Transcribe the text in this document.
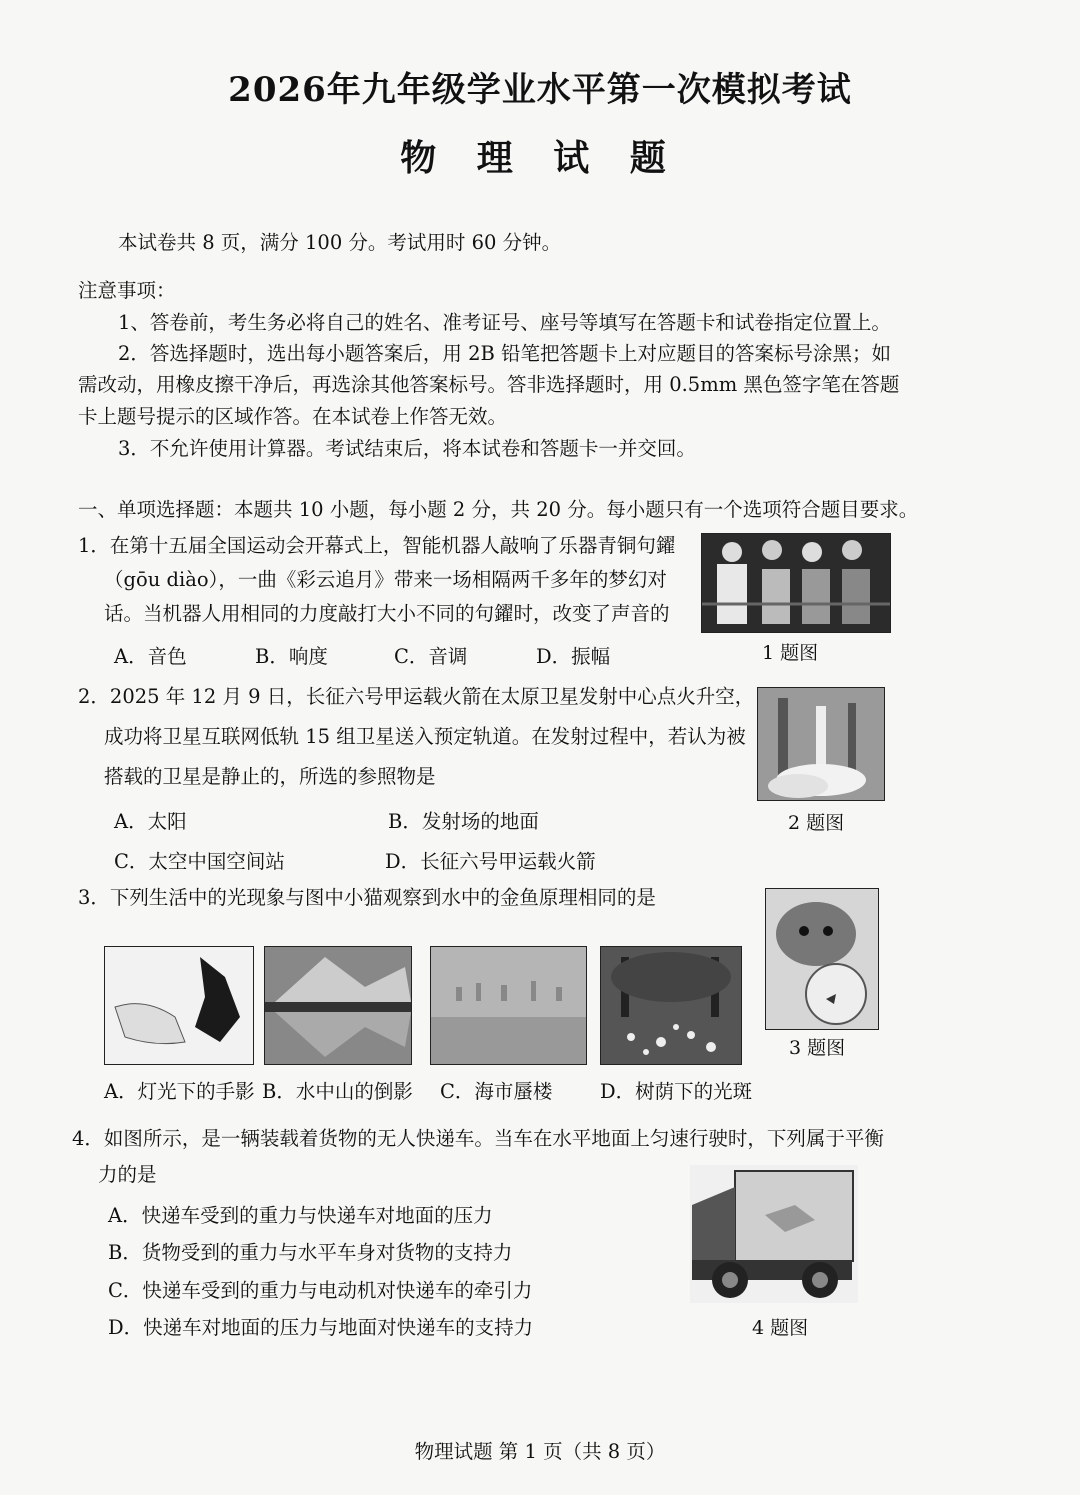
2026年九年级学业水平第一次模拟考试
物 理 试 题
本试卷共 8 页，满分 100 分。考试用时 60 分钟。
注意事项：
1、答卷前，考生务必将自己的姓名、准考证号、座号等填写在答题卡和试卷指定位置上。
2．答选择题时，选出每小题答案后，用 2B 铅笔把答题卡上对应题目的答案标号涂黑；如
需改动，用橡皮擦干净后，再选涂其他答案标号。答非选择题时，用 0.5mm 黑色签字笔在答题
卡上题号提示的区域作答。在本试卷上作答无效。
3．不允许使用计算器。考试结束后，将本试卷和答题卡一并交回。
一、单项选择题：本题共 10 小题，每小题 2 分，共 20 分。每小题只有一个选项符合题目要求。
1．在第十五届全国运动会开幕式上，智能机器人敲响了乐器青铜句鑃
（gōu diào），一曲《彩云追月》带来一场相隔两千多年的梦幻对
话。当机器人用相同的力度敲打大小不同的句鑃时，改变了声音的
A．音色	B．响度	C．音调	D．振幅	1 题图
2．2025 年 12 月 9 日，长征六号甲运载火箭在太原卫星发射中心点火升空，
成功将卫星互联网低轨 15 组卫星送入预定轨道。在发射过程中，若认为被
搭载的卫星是静止的，所选的参照物是
A．太阳	B．发射场的地面
C．太空中国空间站	D．长征六号甲运载火箭
2 题图
3．下列生活中的光现象与图中小猫观察到水中的金鱼原理相同的是
3 题图
A．灯光下的手影 B．水中山的倒影 C．海市蜃楼 D．树荫下的光斑
4．如图所示，是一辆装载着货物的无人快递车。当车在水平地面上匀速行驶时，下列属于平衡
力的是
A．快递车受到的重力与快递车对地面的压力
B．货物受到的重力与水平车身对货物的支持力
C．快递车受到的重力与电动机对快递车的牵引力
D．快递车对地面的压力与地面对快递车的支持力	4 题图
物理试题 第 1 页（共 8 页）
